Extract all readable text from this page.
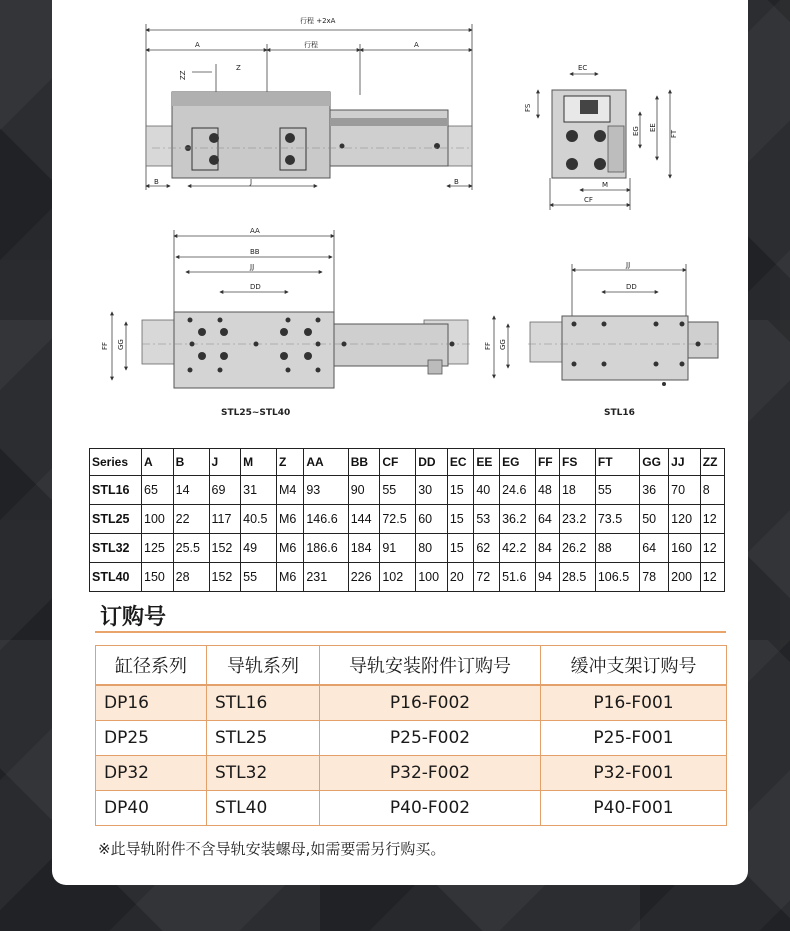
行程 +2xA
A	行程	A
ZZ
Z
B	B
J
EC
FS
EG EE
FT
M
CF
AA
BB
JJ
DD
FF GG
STL25~STL40
JJ
DD
FF GG
STL16
Series	A	B	J	M	Z	AA	BB	CF	DD	EC	EE	EG	FF	FS	FT	GG	JJ	ZZ
STL16	65	14	69	31	M4	93	90	55	30	15	40	24.6	48	18	55	36	70	8
STL25	100	22	117	40.5	M6	146.6	144	72.5	60	15	53	36.2	64	23.2	73.5	50	120	12
STL32	125	25.5	152	49	M6	186.6	184	91	80	15	62	42.2	84	26.2	88	64	160	12
STL40	150	28	152	55	M6	231	226	102	100	20	72	51.6	94	28.5	106.5	78	200	12
订购号
缸径系列	导轨系列	导轨安装附件订购号	缓冲支架订购号
DP16	STL16	P16-F002	P16-F001
DP25	STL25	P25-F002	P25-F001
DP32	STL32	P32-F002	P32-F001
DP40	STL40	P40-F002	P40-F001
※此导轨附件不含导轨安装螺母,如需要需另行购买。
